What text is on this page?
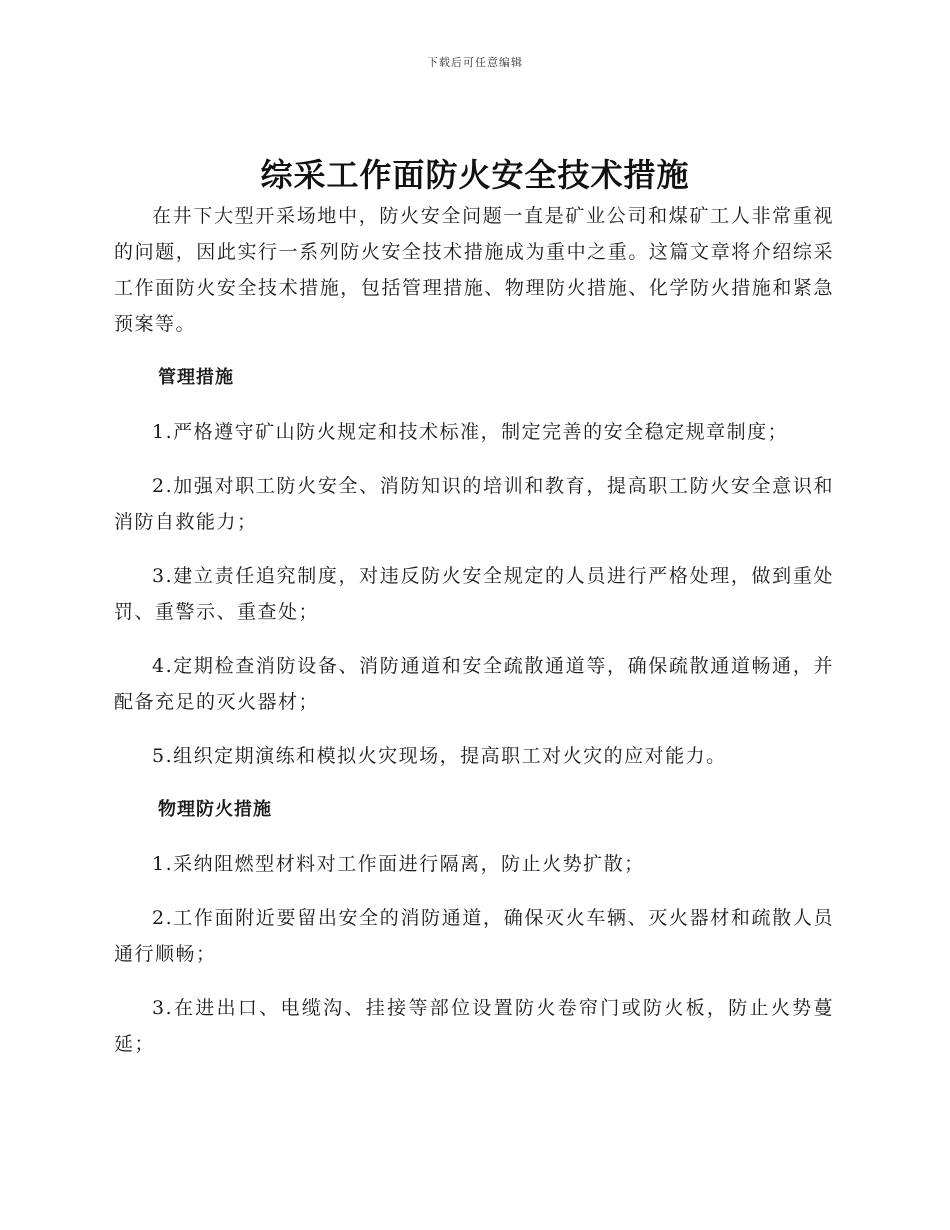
下载后可任意编辑
综采工作面防火安全技术措施

在井下大型开采场地中，防火安全问题一直是矿业公司和煤矿工人非常重视的问题，因此实行一系列防火安全技术措施成为重中之重。这篇文章将介绍综采工作面防火安全技术措施，包括管理措施、物理防火措施、化学防火措施和紧急预案等。

管理措施

1.严格遵守矿山防火规定和技术标准，制定完善的安全稳定规章制度；

2.加强对职工防火安全、消防知识的培训和教育，提高职工防火安全意识和消防自救能力；

3.建立责任追究制度，对违反防火安全规定的人员进行严格处理，做到重处罚、重警示、重查处；

4.定期检查消防设备、消防通道和安全疏散通道等，确保疏散通道畅通，并配备充足的灭火器材；

5.组织定期演练和模拟火灾现场，提高职工对火灾的应对能力。

物理防火措施

1.采纳阻燃型材料对工作面进行隔离，防止火势扩散；

2.工作面附近要留出安全的消防通道，确保灭火车辆、灭火器材和疏散人员通行顺畅；

3.在进出口、电缆沟、挂接等部位设置防火卷帘门或防火板，防止火势蔓延；
